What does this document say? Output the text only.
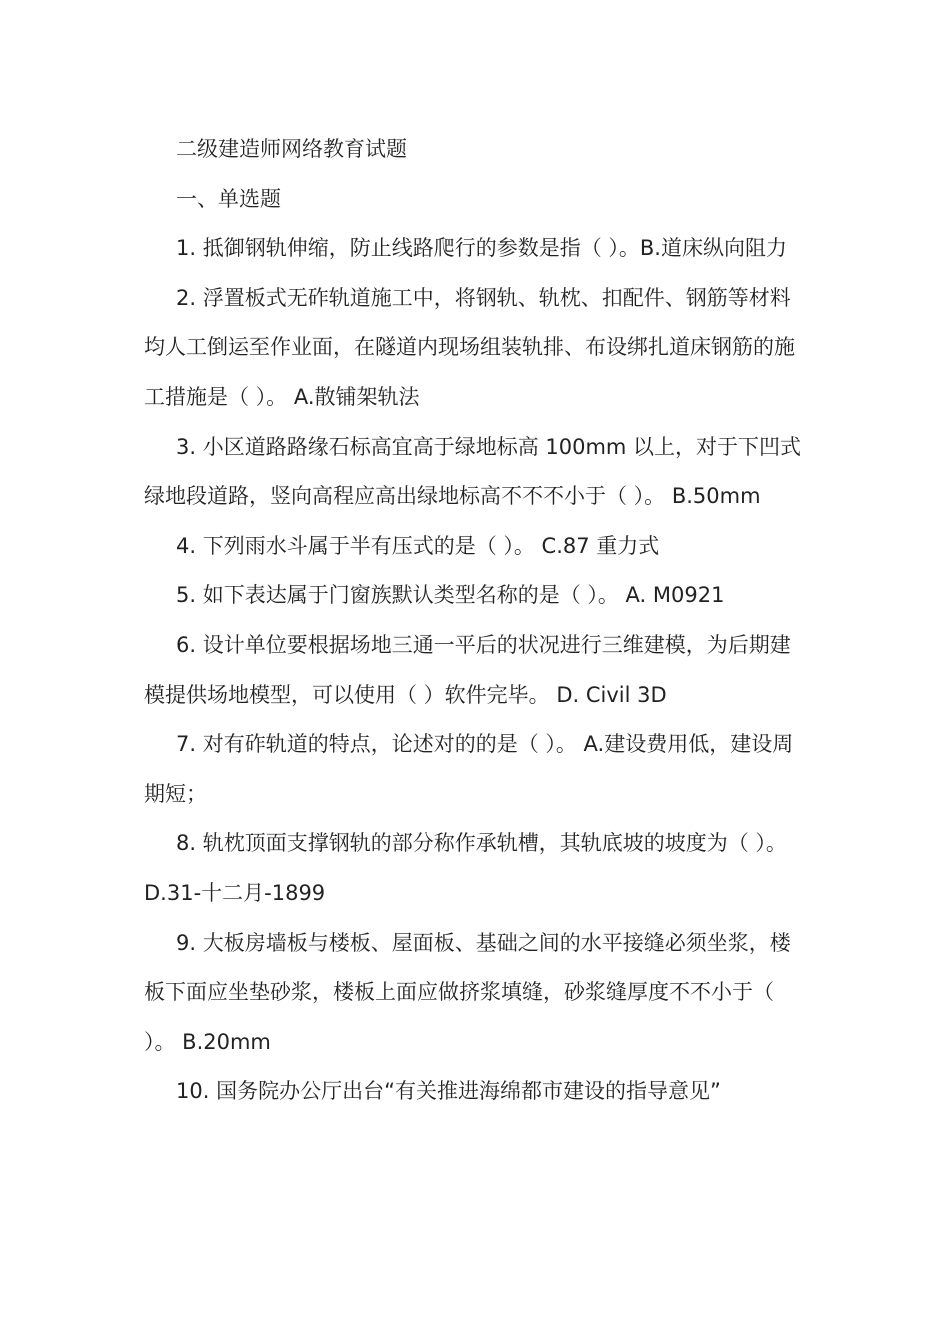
二级建造师网络教育试题

一、单选题

1. 抵御钢轨伸缩，防止线路爬行的参数是指（ ）。B.道床纵向阻力

2. 浮置板式无砟轨道施工中，将钢轨、轨枕、扣配件、钢筋等材料均人工倒运至作业面，在隧道内现场组装轨排、布设绑扎道床钢筋的施工措施是（ ）。 A.散铺架轨法

3. 小区道路路缘石标高宜高于绿地标高 100mm 以上，对于下凹式绿地段道路，竖向高程应高出绿地标高不不不小于（ ）。 B.50mm

4. 下列雨水斗属于半有压式的是（ ）。 C.87 重力式

5. 如下表达属于门窗族默认类型名称的是（ ）。 A. M0921

6. 设计单位要根据场地三通一平后的状况进行三维建模，为后期建模提供场地模型，可以使用（ ）软件完毕。 D. Civil 3D

7. 对有砟轨道的特点，论述对的的是（ ）。 A.建设费用低，建设周期短；

8. 轨枕顶面支撑钢轨的部分称作承轨槽，其轨底坡的坡度为（ ）。 D.31-十二月-1899

9. 大板房墙板与楼板、屋面板、基础之间的水平接缝必须坐浆，楼板下面应坐垫砂浆，楼板上面应做挤浆填缝，砂浆缝厚度不不小于（ ）。 B.20mm

10. 国务院办公厅出台“有关推进海绵都市建设的指导意见”
